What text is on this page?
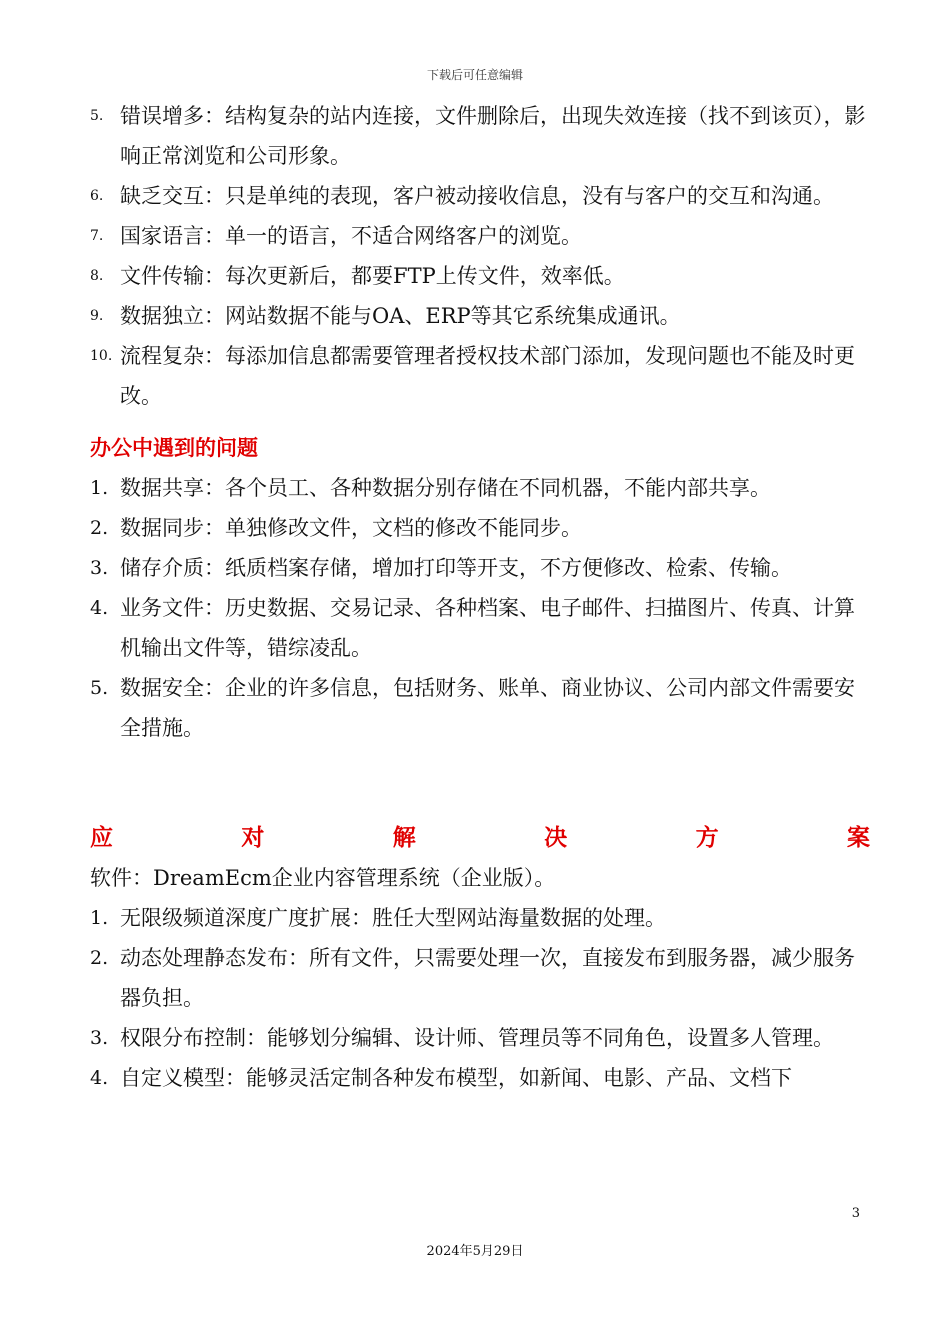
下载后可任意编辑
5. 错误增多：结构复杂的站内连接，文件删除后，出现失效连接（找不到该页），影响正常浏览和公司形象。
6. 缺乏交互：只是单纯的表现，客户被动接收信息，没有与客户的交互和沟通。
7. 国家语言：单一的语言，不适合网络客户的浏览。
8. 文件传输：每次更新后，都要FTP上传文件，效率低。
9. 数据独立：网站数据不能与OA、ERP等其它系统集成通讯。
10. 流程复杂：每添加信息都需要管理者授权技术部门添加，发现问题也不能及时更改。
办公中遇到的问题
1. 数据共享：各个员工、各种数据分别存储在不同机器，不能内部共享。
2. 数据同步：单独修改文件，文档的修改不能同步。
3. 储存介质：纸质档案存储，增加打印等开支，不方便修改、检索、传输。
4. 业务文件：历史数据、交易记录、各种档案、电子邮件、扫描图片、传真、计算机输出文件等，错综凌乱。
5. 数据安全：企业的许多信息，包括财务、账单、商业协议、公司内部文件需要安全措施。
应	对	解	决	方	案
软件：DreamEcm企业内容管理系统（企业版）。
1. 无限级频道深度广度扩展：胜任大型网站海量数据的处理。
2. 动态处理静态发布：所有文件，只需要处理一次，直接发布到服务器，减少服务器负担。
3. 权限分布控制：能够划分编辑、设计师、管理员等不同角色，设置多人管理。
4. 自定义模型：能够灵活定制各种发布模型，如新闻、电影、产品、文档下
3
2024年5月29日
